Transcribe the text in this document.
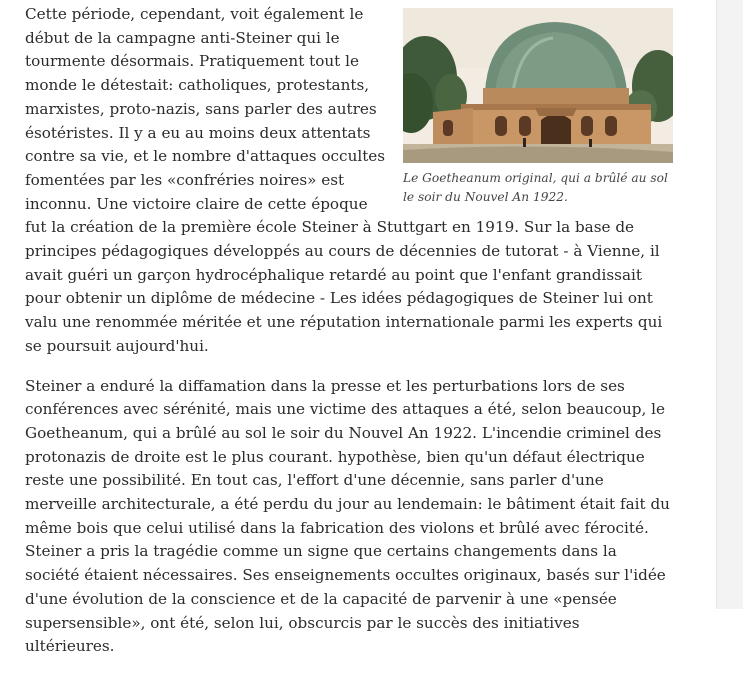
Le Goetheanum original, qui a brûlé au sol le soir du Nouvel An 1922.

Cette période, cependant, voit également le début de la campagne anti-Steiner qui le tourmente désormais. Pratiquement tout le monde le détestait: catholiques, protestants, marxistes, proto-nazis, sans parler des autres ésotéristes. Il y a eu au moins deux attentats contre sa vie, et le nombre d'attaques occultes fomentées par les «confréries noires» est inconnu. Une victoire claire de cette époque fut la création de la première école Steiner à Stuttgart en 1919. Sur la base de principes pédagogiques développés au cours de décennies de tutorat - à Vienne, il avait guéri un garçon hydrocéphalique retardé au point que l'enfant grandissait pour obtenir un diplôme de médecine - Les idées pédagogiques de Steiner lui ont valu une renommée méritée et une réputation internationale parmi les experts qui se poursuit aujourd'hui.

Steiner a enduré la diffamation dans la presse et les perturbations lors de ses conférences avec sérénité, mais une victime des attaques a été, selon beaucoup, le Goetheanum, qui a brûlé au sol le soir du Nouvel An 1922. L'incendie criminel des protonazis de droite est le plus courant. hypothèse, bien qu'un défaut électrique reste une possibilité. En tout cas, l'effort d'une décennie, sans parler d'une merveille architecturale, a été perdu du jour au lendemain: le bâtiment était fait du même bois que celui utilisé dans la fabrication des violons et brûlé avec férocité. Steiner a pris la tragédie comme un signe que certains changements dans la société étaient nécessaires. Ses enseignements occultes originaux, basés sur l'idée d'une évolution de la conscience et de la capacité de parvenir à une «pensée supersensible», ont été, selon lui, obscurcis par le succès des initiatives ultérieures.
